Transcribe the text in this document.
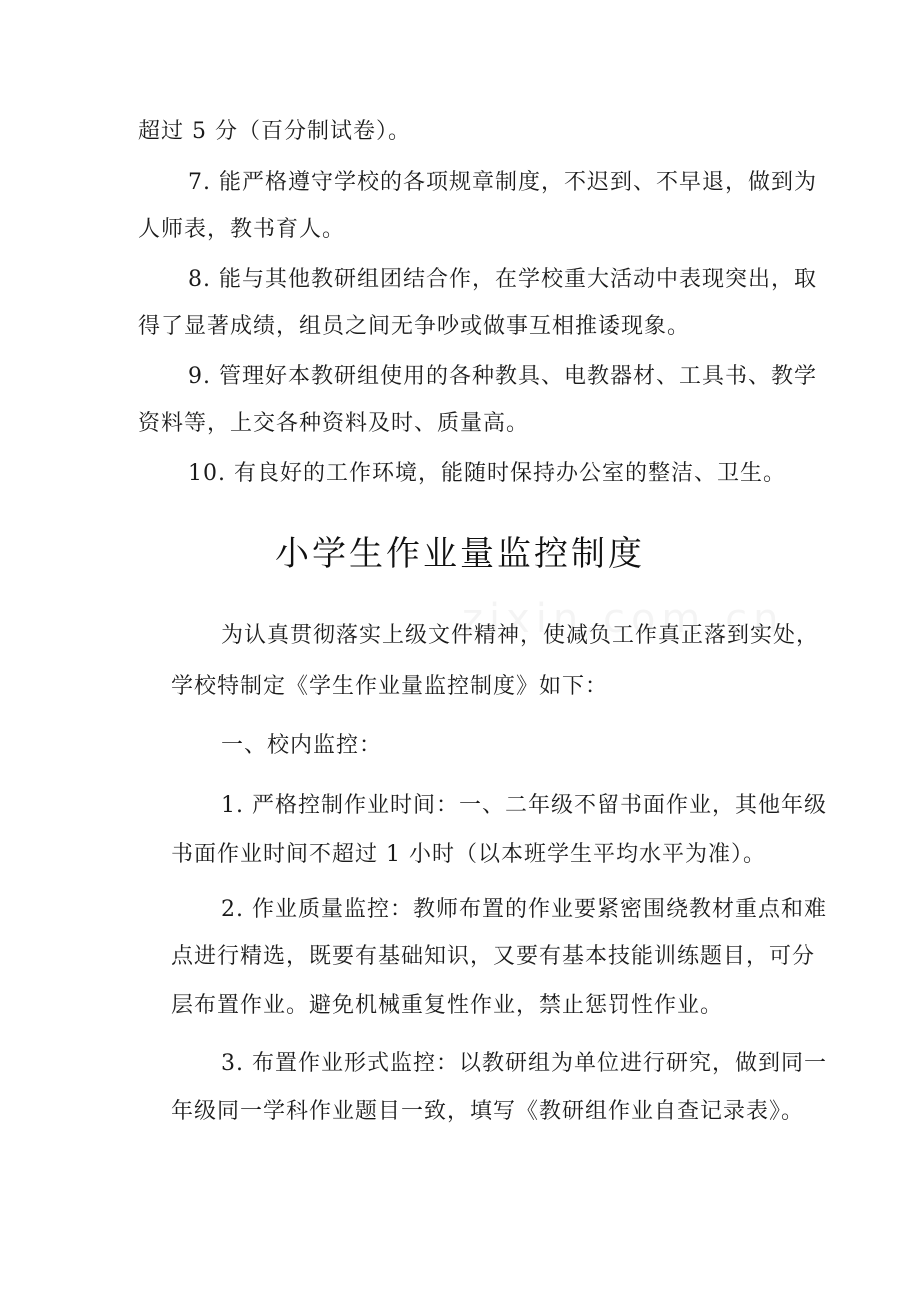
超过 5 分（百分制试卷）。
7. 能严格遵守学校的各项规章制度，不迟到、不早退，做到为
人师表，教书育人。
8. 能与其他教研组团结合作，在学校重大活动中表现突出，取
得了显著成绩，组员之间无争吵或做事互相推诿现象。
9. 管理好本教研组使用的各种教具、电教器材、工具书、教学
资料等，上交各种资料及时、质量高。
10. 有良好的工作环境，能随时保持办公室的整洁、卫生。
小学生作业量监控制度
为认真贯彻落实上级文件精神，使减负工作真正落到实处，
学校特制定《学生作业量监控制度》如下：
一、校内监控：
1. 严格控制作业时间：一、二年级不留书面作业，其他年级
书面作业时间不超过 1 小时（以本班学生平均水平为准）。
2. 作业质量监控：教师布置的作业要紧密围绕教材重点和难
点进行精选，既要有基础知识，又要有基本技能训练题目，可分
层布置作业。避免机械重复性作业，禁止惩罚性作业。
3. 布置作业形式监控：以教研组为单位进行研究，做到同一
年级同一学科作业题目一致，填写《教研组作业自查记录表》。
